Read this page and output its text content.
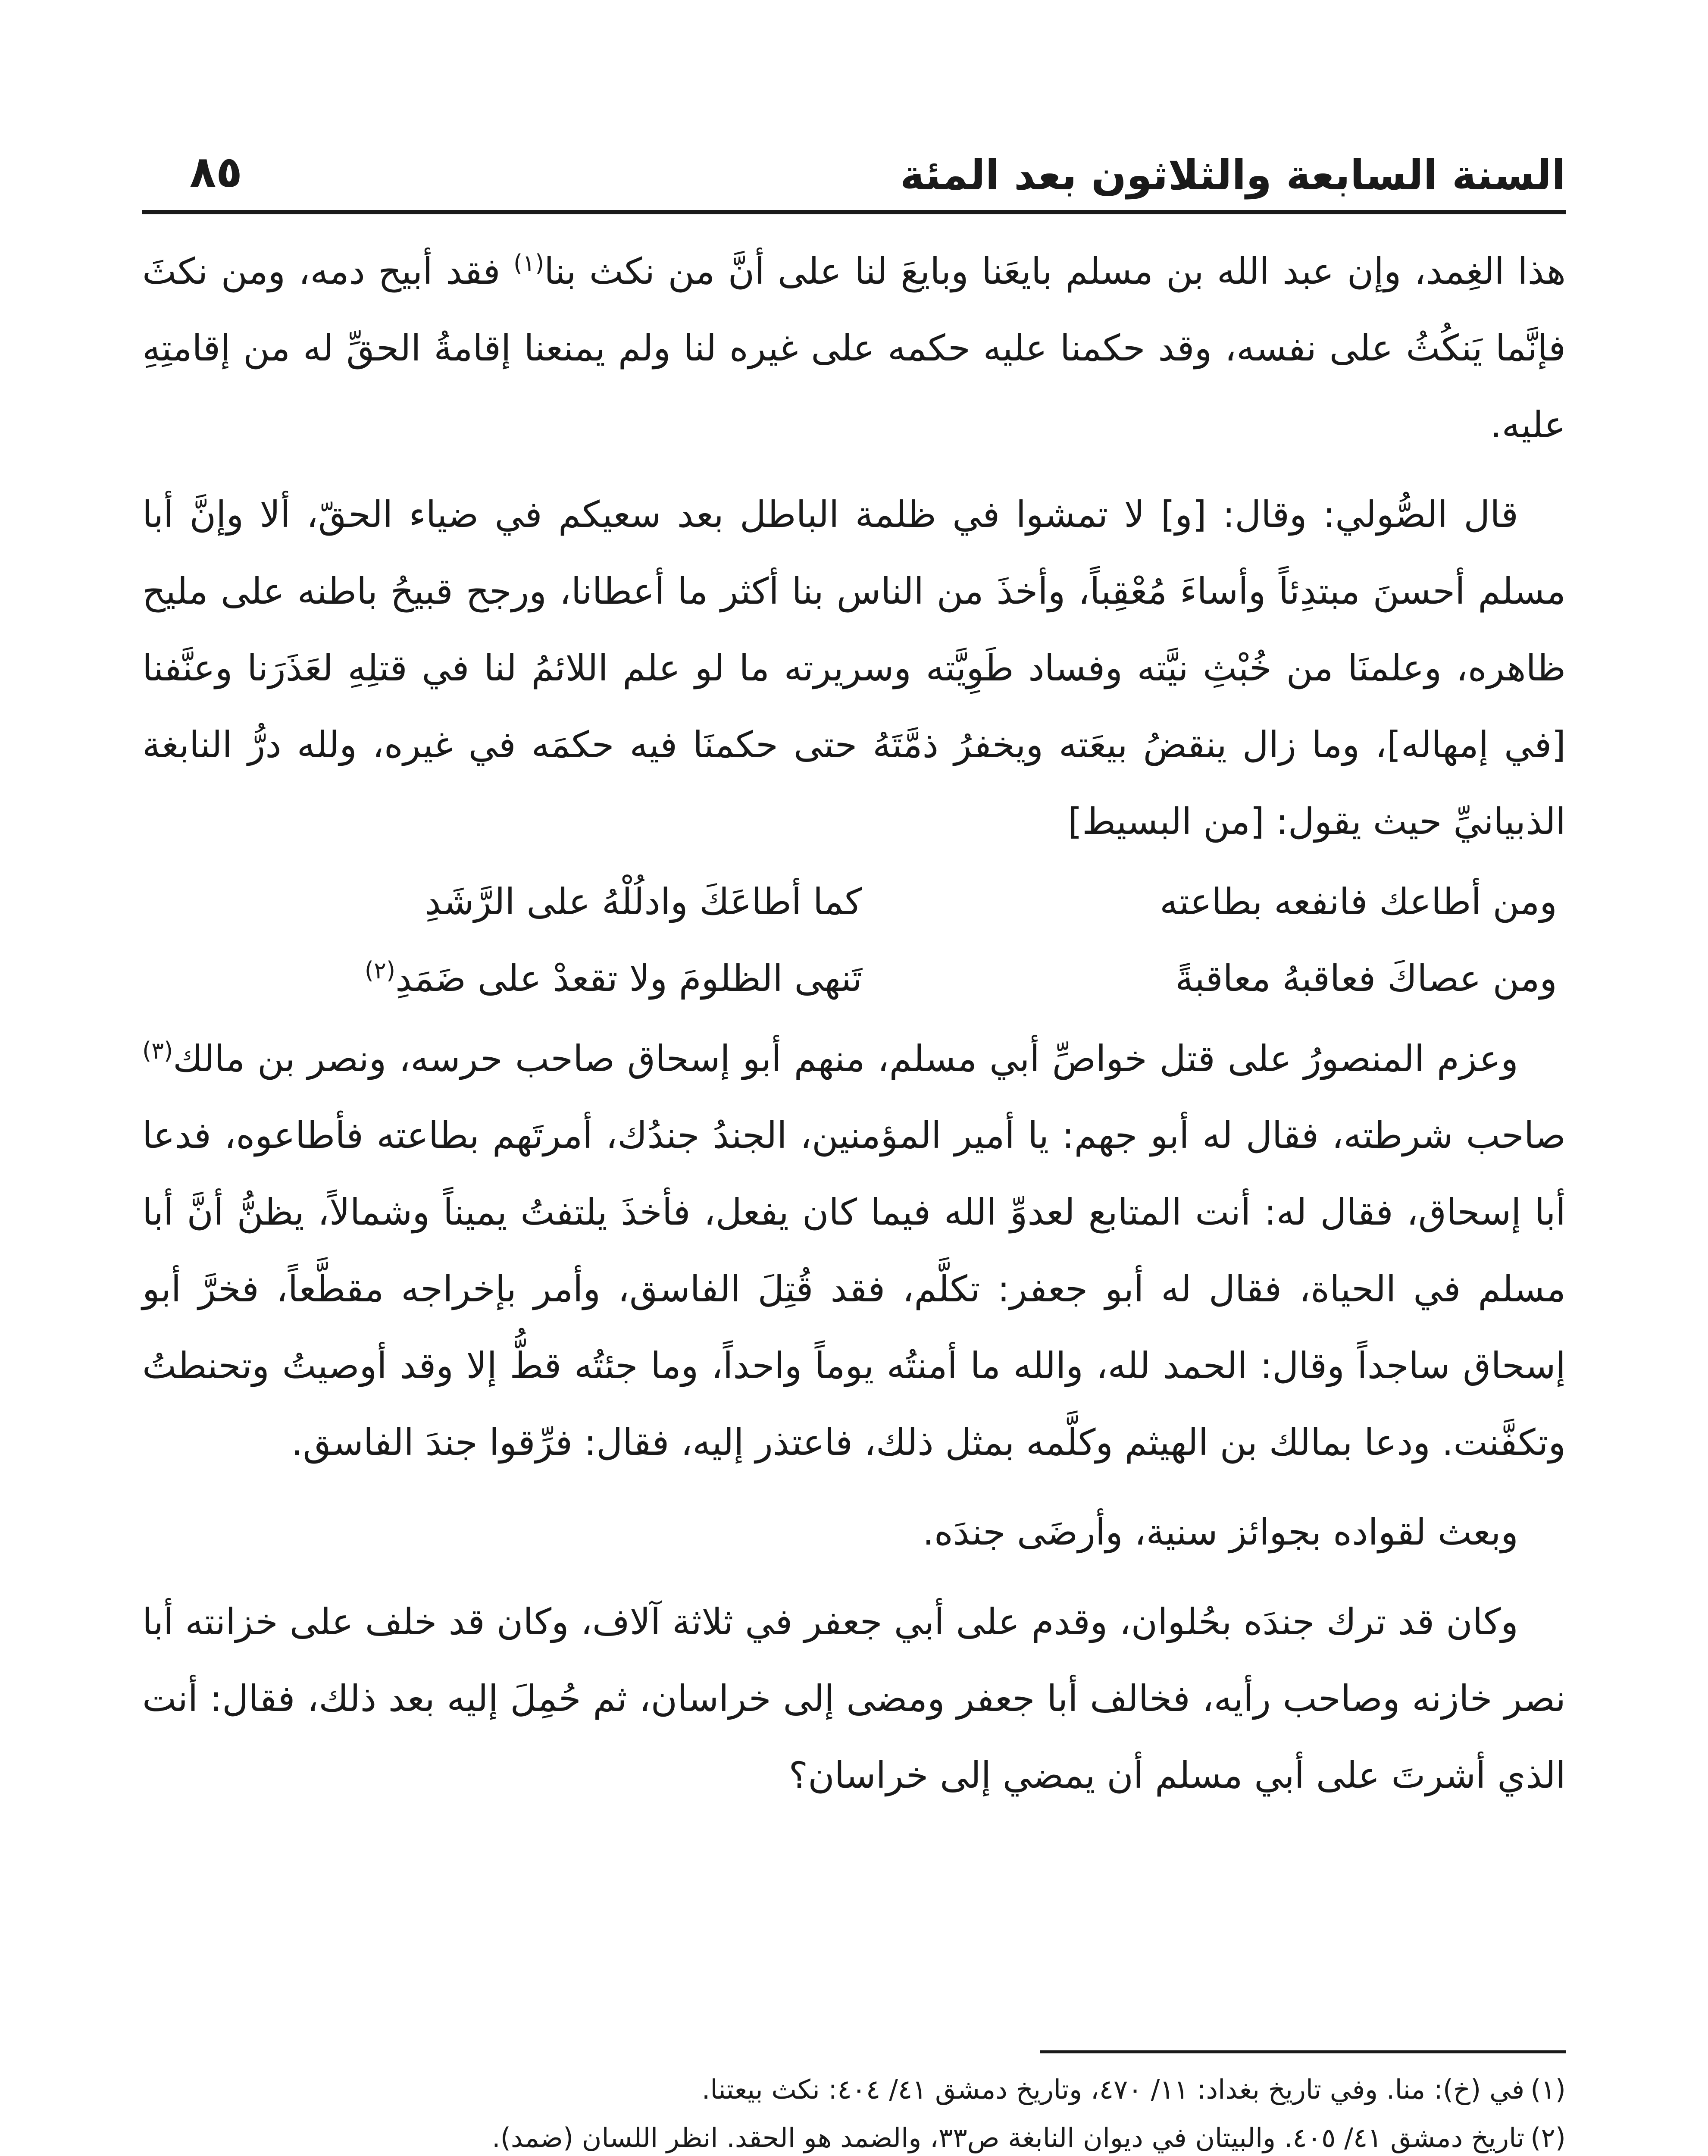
السنة السابعة والثلاثون بعد المئة
٨٥

هذا الغِمد، وإن عبد الله بن مسلم بايعَنا وبايعَ لنا على أنَّ من نكث بنا$^{(١)}$ فقد أبيح دمه، ومن نكثَ فإنَّما يَنكُثُ على نفسه، وقد حكمنا عليه حكمه على غيره لنا ولم يمنعنا إقامةُ الحقِّ له من إقامتِهِ عليه.

قال الصُّولي: وقال: [و] لا تمشوا في ظلمة الباطل بعد سعيكم في ضياء الحقّ، ألا وإنَّ أبا مسلم أحسنَ مبتدِئاً وأساءَ مُعْقِباً، وأخذَ من الناس بنا أكثر ما أعطانا، ورجح قبيحُ باطنه على مليح ظاهره، وعلمنَا من خُبْثِ نيَّته وفساد طَوِيَّته وسريرته ما لو علم اللائمُ لنا في قتلِهِ لعَذَرَنا وعنَّفنا [في إمهاله]، وما زال ينقضُ بيعَته ويخفرُ ذمَّتَهُ حتى حكمنَا فيه حكمَه في غيره، ولله درُّ النابغة الذبيانيِّ حيث يقول: [من البسيط]

ومن أطاعك فانفعه بطاعته
كما أطاعَكَ وادلُلْهُ على الرَّشَدِ
ومن عصاكَ فعاقبهُ معاقبةً
تَنهى الظلومَ ولا تقعدْ على ضَمَدِ$^{(٢)}$

وعزم المنصورُ على قتل خواصِّ أبي مسلم، منهم أبو إسحاق صاحب حرسه، ونصر بن مالك$^{(٣)}$ صاحب شرطته، فقال له أبو جهم: يا أمير المؤمنين، الجندُ جندُك، أمرتَهم بطاعته فأطاعوه، فدعا أبا إسحاق، فقال له: أنت المتابع لعدوِّ الله فيما كان يفعل، فأخذَ يلتفتُ يميناً وشمالاً، يظنُّ أنَّ أبا مسلم في الحياة، فقال له أبو جعفر: تكلَّم، فقد قُتِلَ الفاسق، وأمر بإخراجه مقطَّعاً، فخرَّ أبو إسحاق ساجداً وقال: الحمد لله، والله ما أمنتُه يوماً واحداً، وما جئتُه قطُّ إلا وقد أوصيتُ وتحنطتُ وتكفَّنت. ودعا بمالك بن الهيثم وكلَّمه بمثل ذلك، فاعتذر إليه، فقال: فرِّقوا جندَ الفاسق.

وبعث لقواده بجوائز سنية، وأرضَى جندَه.

وكان قد ترك جندَه بحُلوان، وقدم على أبي جعفر في ثلاثة آلاف، وكان قد خلف على خزانته أبا نصر خازنه وصاحب رأيه، فخالف أبا جعفر ومضى إلى خراسان، ثم حُمِلَ إليه بعد ذلك، فقال: أنت الذي أشرتَ على أبي مسلم أن يمضي إلى خراسان؟

(١)في (خ): منا. وفي تاريخ بغداد: ١١/ ٤٧٠، وتاريخ دمشق ٤١/ ٤٠٤: نكث بيعتنا.

(٢)تاريخ دمشق ٤١/ ٤٠٥. والبيتان في ديوان النابغة ص٣٣، والضمد هو الحقد. انظر اللسان (ضمد).
